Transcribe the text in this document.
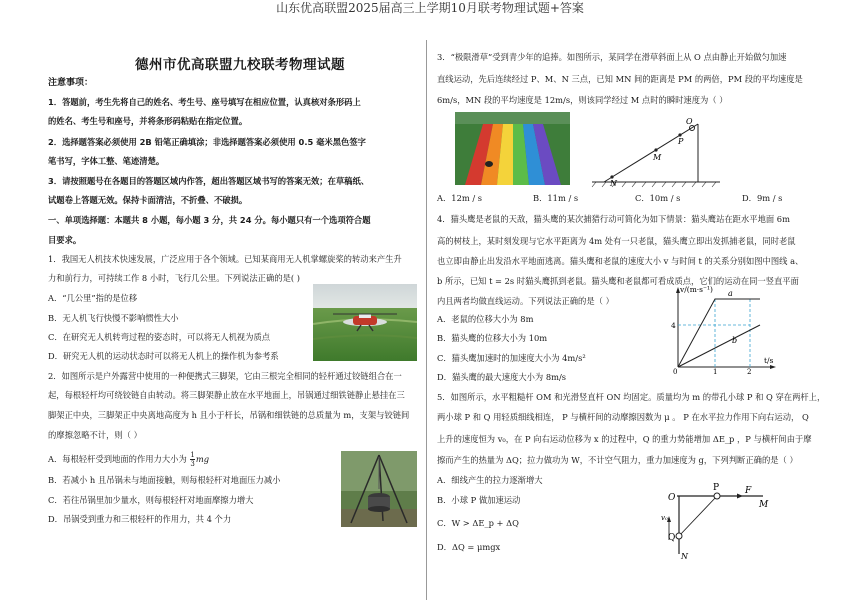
山东优高联盟2025届高三上学期10月联考物理试题+答案
德州市优高联盟九校联考物理试题
注意事项：
1．答题前，考生先将自己的姓名、考生号、座号填写在相应位置，认真核对条形码上
的姓名、考生号和座号，并将条形码粘贴在指定位置。
2．选择题答案必须使用 2B 铅笔正确填涂；非选择题答案必须使用 0.5 毫米黑色签字
笔书写，字体工整、笔迹清楚。
3．请按照题号在各题目的答题区域内作答，超出答题区域书写的答案无效；在草稿纸、
试题卷上答题无效。保持卡面清洁，不折叠、不破损。
一、单项选择题：本题共 8 小题，每小题 3 分，共 24 分。每小题只有一个选项符合题
目要求。
1．我国无人机技术快速发展，广泛应用于各个领域。已知某商用无人机掌螺旋桨的转动来产生升
力和前行力，可持续工作 8 小时，飞行几公里。下列说法正确的是( )
A．“几公里”指的是位移
B．无人机飞行快慢不影响惯性大小
C．在研究无人机转弯过程的姿态时，可以将无人机视为质点
D．研究无人机的运动状态时可以将无人机上的操作机为参考系
2．如图所示是户外露营中使用的一种便携式三脚架，它由三根完全相同的轻杆通过铰链组合在一
起，每根轻杆均可绕铰链自由转动。将三脚架静止放在水平地面上，吊锅通过细铁链静止悬挂在三
脚架正中央，三脚架正中央离地高度为 h 且小于杆长，吊锅和细铁链的总质量为 m，支架与铰链间
的摩擦忽略不计，则（ ）
A．每根轻杆受到地面的作用力大小为 $\frac{1}{3}$ mg
B．若减小 h 且吊锅未与地面接触，则每根轻杆对地面压力减小
C．若往吊锅里加少量水，则每根轻杆对地面摩擦力增大
D．吊锅受到重力和三根轻杆的作用力，共 4 个力
3．“极限滑草”受到青少年的追捧。如图所示，某同学在滑草斜面上从 O 点由静止开始做匀加速
直线运动，先后连续经过 P、M、N 三点，已知 MN 间的距离是 PM 的两倍，PM 段的平均速度是
6m/s，MN 段的平均速度是 12m/s，则该同学经过 M 点时的瞬时速度为（ ）
O
P
M
N
A．12m / s	B．11m / s	C．10m / s	D．9m / s
4．猫头鹰是老鼠的天敌，猫头鹰的某次捕猎行动可简化为如下情景：猫头鹰站在距水平地面 6m
高的树枝上，某时刻发现与它水平距离为 4m 处有一只老鼠，猫头鹰立即出发抓捕老鼠，同时老鼠
也立即由静止出发沿水平地面逃离。猫头鹰和老鼠的速度大小 v 与时间 t 的关系分别如图中图线 a、
b 所示，已知 t = 2s 时猫头鹰抓到老鼠。猫头鹰和老鼠都可看成质点，它们的运动在同一竖直平面
内且两者均做直线运动。下列说法正确的是（ ）
A．老鼠的位移大小为 8m
B．猫头鹰的位移大小为 10m
C．猫头鹰加速时的加速度大小为 4m/s²
D．猫头鹰的最大速度大小为 8m/s
v/(m·s⁻¹)
t/s
4
0	1	2
a
b
5．如图所示，水平粗糙杆 OM 和光滑竖直杆 ON 均固定。质量均为 m 的带孔小球 P 和 Q 穿在两杆上，
两小球 P 和 Q 用轻质细线相连， P 与横杆间的动摩擦因数为 μ 。 P 在水平拉力作用下向右运动， Q
上升的速度恒为 v₀，在 P 向右运动位移为 x 的过程中，Q 的重力势能增加 ΔE_p ，P 与横杆间由于摩
擦而产生的热量为 ΔQ；拉力做功为 W，不计空气阻力，重力加速度为 g，下列判断正确的是（ ）
A．细线产生的拉力逐渐增大
B．小球 P 做加速运动
C．W > ΔE_p + ΔQ
D．ΔQ = μmgx
O
P	F
M
Q
N
v₀
